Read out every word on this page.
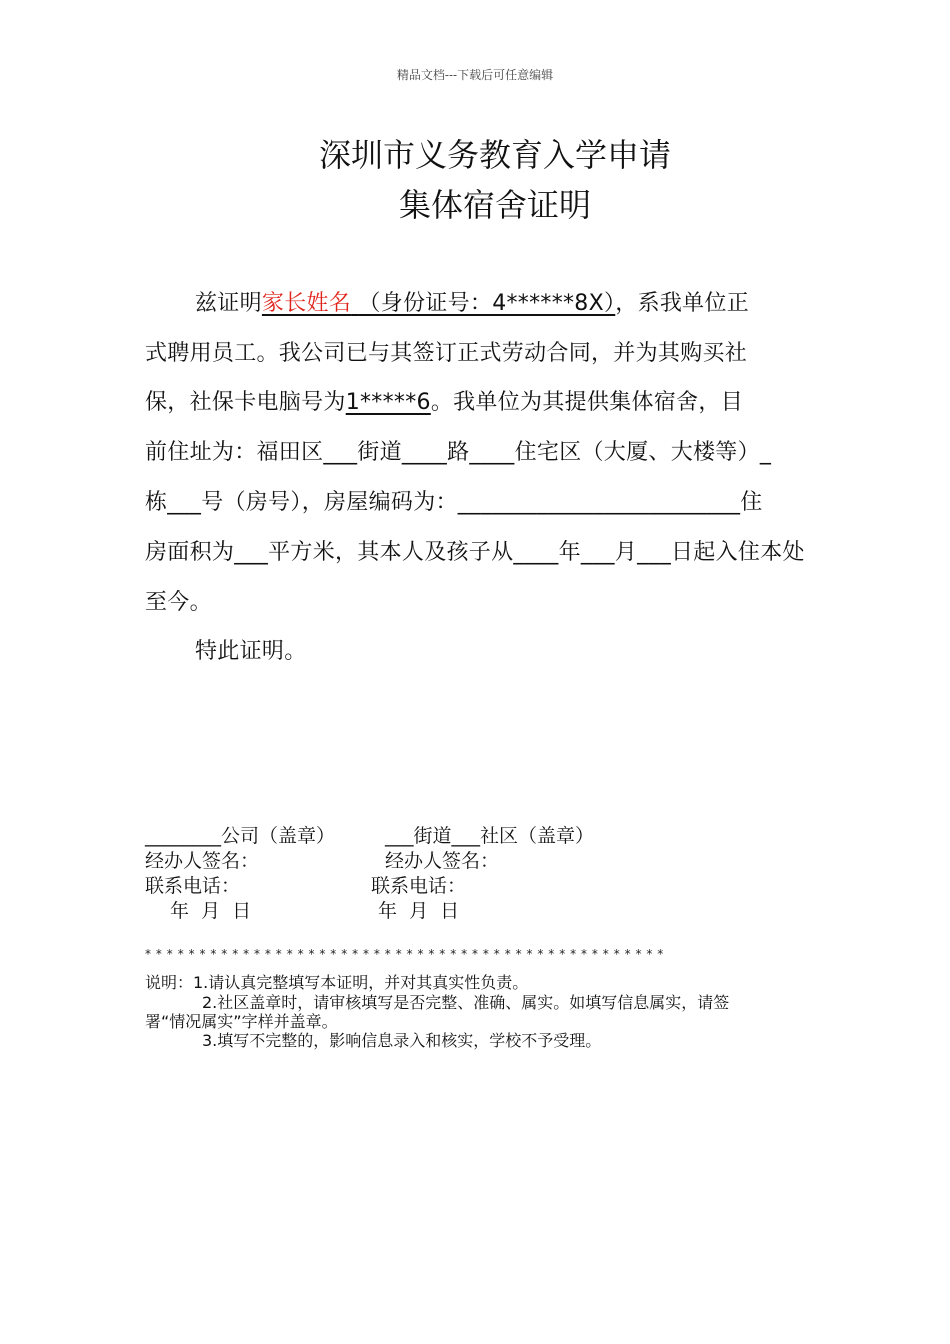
精品文档---下载后可任意编辑
深圳市义务教育入学申请
集体宿舍证明
兹证明家长姓名 （身份证号：4******8X），系我单位正
式聘用员工。我公司已与其签订正式劳动合同，并为其购买社
保，社保卡电脑号为1*****6。我单位为其提供集体宿舍，目
前住址为：福田区___街道____路____住宅区（大厦、大楼等）_
栋___号（房号），房屋编码为：_________________________住
房面积为___平方米，其本人及孩子从____年___月___日起入住本处
至今。
特此证明。
________公司（盖章）	___街道___社区（盖章）
经办人签名：	经办人签名：
联系电话：	联系电话：
年  月  日	年  月  日
************************************************
说明：1.请认真完整填写本证明，并对其真实性负责。
2.社区盖章时，请审核填写是否完整、准确、属实。如填写信息属实，请签
署“情况属实”字样并盖章。
3.填写不完整的，影响信息录入和核实，学校不予受理。
